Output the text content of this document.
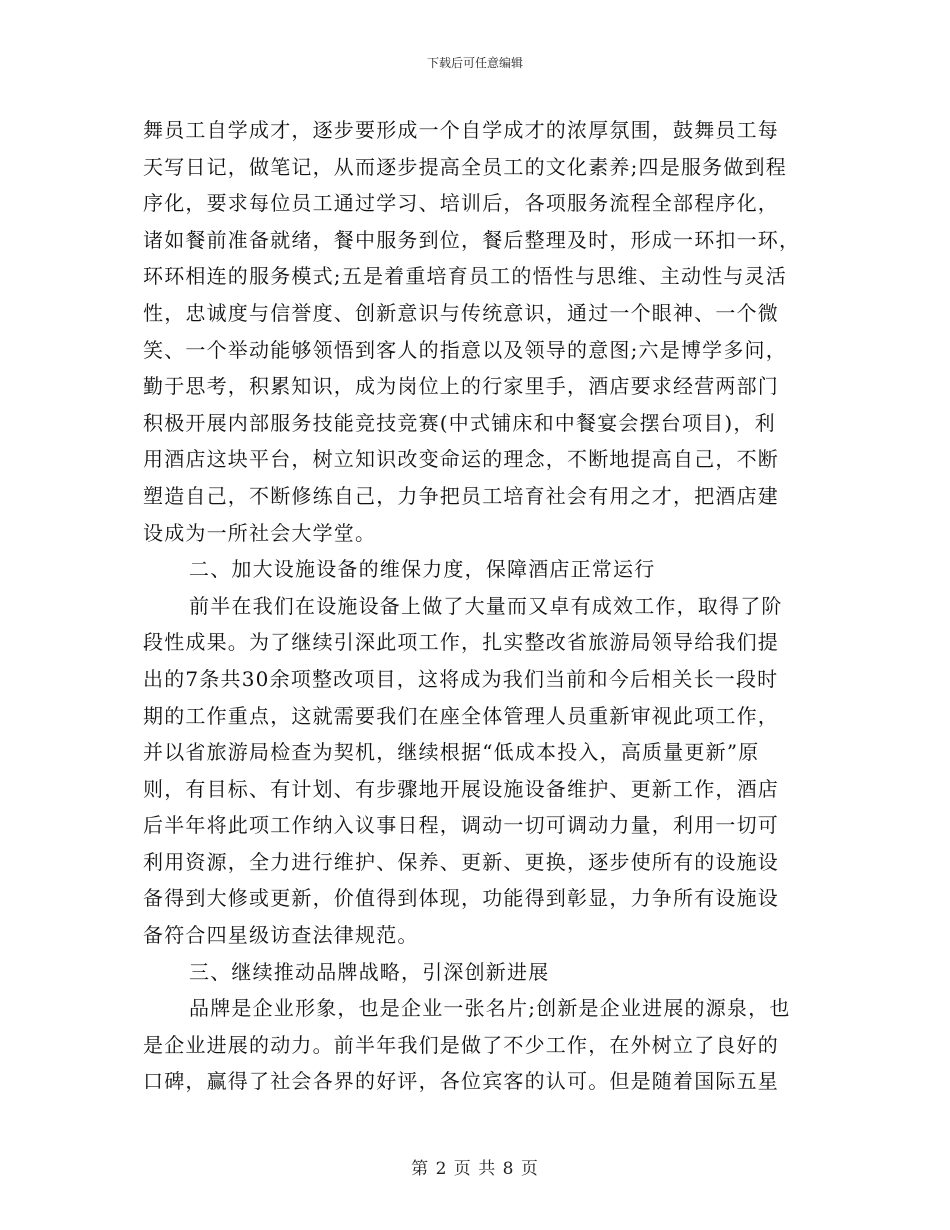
下载后可任意编辑

舞员工自学成才，逐步要形成一个自学成才的浓厚氛围，鼓舞员工每

天写日记，做笔记，从而逐步提高全员工的文化素养;四是服务做到程

序化，要求每位员工通过学习、培训后，各项服务流程全部程序化，

诸如餐前准备就绪，餐中服务到位，餐后整理及时，形成一环扣一环，

环环相连的服务模式;五是着重培育员工的悟性与思维、主动性与灵活

性，忠诚度与信誉度、创新意识与传统意识，通过一个眼神、一个微

笑、一个举动能够领悟到客人的指意以及领导的意图;六是博学多问，

勤于思考，积累知识，成为岗位上的行家里手，酒店要求经营两部门

积极开展内部服务技能竞技竞赛(中式铺床和中餐宴会摆台项目)，利

用酒店这块平台，树立知识改变命运的理念，不断地提高自己，不断

塑造自己，不断修练自己，力争把员工培育社会有用之才，把酒店建

设成为一所社会大学堂。

二、加大设施设备的维保力度，保障酒店正常运行

前半在我们在设施设备上做了大量而又卓有成效工作，取得了阶

段性成果。为了继续引深此项工作，扎实整改省旅游局领导给我们提

出的7条共30余项整改项目，这将成为我们当前和今后相关长一段时

期的工作重点，这就需要我们在座全体管理人员重新审视此项工作，

并以省旅游局检查为契机，继续根据“低成本投入，高质量更新”原

则，有目标、有计划、有步骤地开展设施设备维护、更新工作，酒店

后半年将此项工作纳入议事日程，调动一切可调动力量，利用一切可

利用资源，全力进行维护、保养、更新、更换，逐步使所有的设施设

备得到大修或更新，价值得到体现，功能得到彰显，力争所有设施设

备符合四星级访查法律规范。

三、继续推动品牌战略，引深创新进展

品牌是企业形象，也是企业一张名片;创新是企业进展的源泉，也

是企业进展的动力。前半年我们是做了不少工作，在外树立了良好的

口碑，赢得了社会各界的好评，各位宾客的认可。但是随着国际五星

第 2 页 共 8 页
